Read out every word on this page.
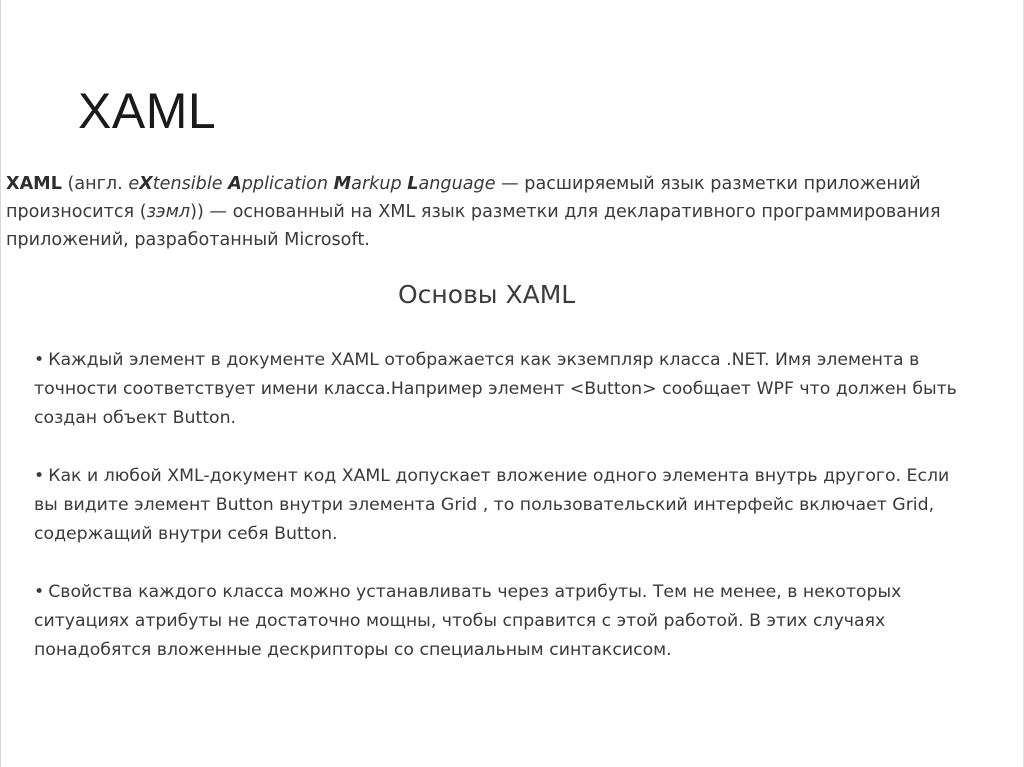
XAML

XAML (англ. eXtensible Application Markup Language — расширяемый язык разметки приложений
произносится (зэмл)) — основанный на XML язык разметки для декларативного программирования
приложений, разработанный Microsoft.

Основы XAML
• Каждый элемент в документе XAML отображается как экземпляр класса .NET. Имя элемента в
точности соответствует имени класса.Например элемент <Button> сообщает WPF что должен быть
создан объект Button.
• Как и любой XML-документ код XAML допускает вложение одного элемента внутрь другого. Если
вы видите элемент Button внутри элемента Grid , то пользовательский интерфейс включает Grid,
содержащий внутри себя Button.
• Свойства каждого класса можно устанавливать через атрибуты. Тем не менее, в некоторых
ситуациях атрибуты не достаточно мощны, чтобы справится с этой работой. В этих случаях
понадобятся вложенные дескрипторы со специальным синтаксисом.
